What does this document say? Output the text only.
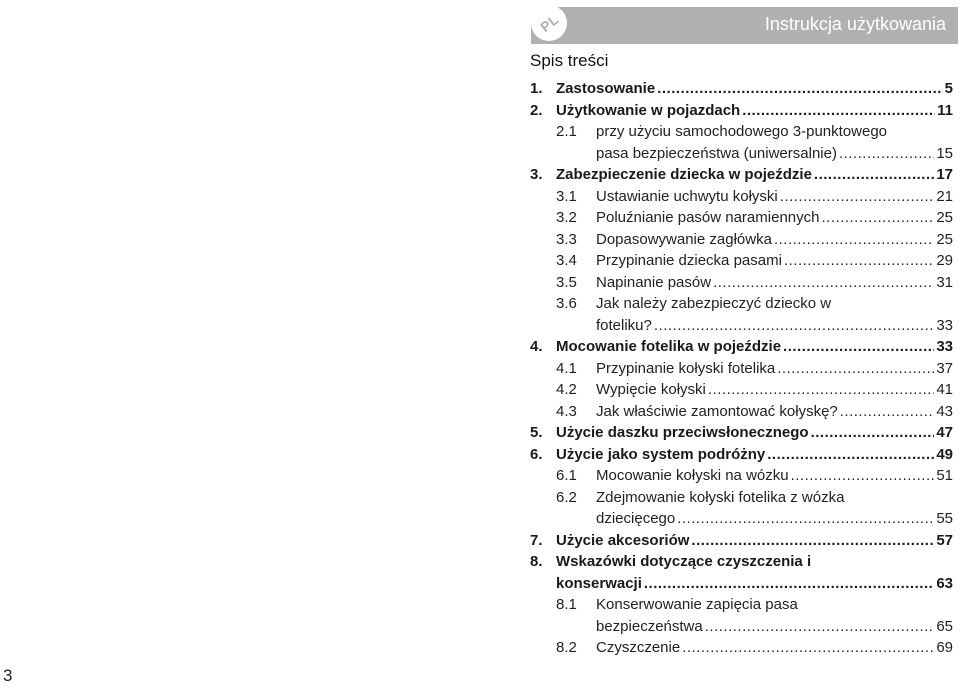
PL	Instrukcja użytkowania
Spis treści
1. Zastosowanie .....	5
2. Użytkowanie w pojazdach .....	11
2.1	przy użyciu samochodowego 3-punktowego
pasa bezpieczeństwa (uniwersalnie) .....	15
3. Zabezpieczenie dziecka w pojeździe .....	17
3.1	Ustawianie uchwytu kołyski .....	21
3.2	Poluźnianie pasów naramiennych .....	25
3.3	Dopasowywanie zagłówka .....	25
3.4	Przypinanie dziecka pasami .....	29
3.5	Napinanie pasów .....	31
3.6	Jak należy zabezpieczyć dziecko w
foteliku? .....	33
4. Mocowanie fotelika w pojeździe .....	33
4.1	Przypinanie kołyski fotelika .....	37
4.2	Wypięcie kołyski .....	41
4.3	Jak właściwie zamontować kołyskę? .....	43
5. Użycie daszku przeciwsłonecznego .....	47
6. Użycie jako system podróżny .....	49
6.1	Mocowanie kołyski na wózku .....	51
6.2	Zdejmowanie kołyski fotelika z wózka
dziecięcego .....	55
7. Użycie akcesoriów .....	57
8. Wskazówki dotyczące czyszczenia i
konserwacji .....	63
8.1	Konserwowanie zapięcia pasa
bezpieczeństwa .....	65
8.2	Czyszczenie .....	69
3
